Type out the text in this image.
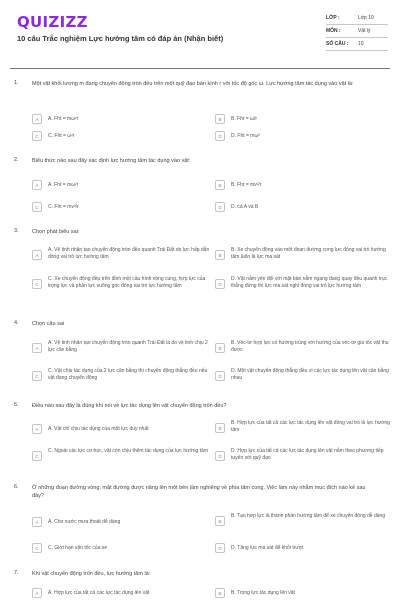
QUIZIZZ
10 câu Trắc nghiệm Lực hướng tâm có đáp án (Nhận biết)
LỚP :	Lớp 10
MÔN :	Vật lý
SỐ CÂU :	10
1. Một vật khối lượng m đang chuyển động tròn đều trên một quỹ đạo bán kính r với tốc độ góc ω. Lực hướng tâm tác dụng vào vật là:
A	A. Fht = mω²r	B	B. Fht = ω/r
C	C. Fht = ω²r	D	D. Fht = mω²
2. Biểu thức nào sau đây xác định lực hướng tâm tác dụng vào vật:
A	A. Fht = mω²r	B	B. Fht = mv²/r
C	C. Fht = mv²/r	D	D. cả A và B
3. Chọn phát biểu sai:
A
A. Vệ tinh nhân tạo chuyển động tròn đều quanh Trái Đất do lực hấp dẫn đóng vai trò lực hướng tâm	B
B. Xe chuyển động vào một đoạn đường cong lực đóng vai trò hướng tâm luôn là lực ma sát
C
C. Xe chuyển động đều trên đỉnh một cầu hình vòng cung, hợp lực của trọng lực và phản lực vuông góc đóng vai trò lực hướng tâm	D
D. Vật nằm yên đối với mặt bàn nằm ngang đang quay đều quanh trục thẳng đứng thì lực ma sát nghỉ đóng vai trò lực hướng tâm
4. Chọn câu sai
A
A. Vệ tinh nhân tạo chuyển động tròn quanh Trái Đất là do vệ tinh chịu 2 lực cân bằng	B
B. Véc-tơ hợp lực có hướng trùng với hướng của véc-tơ gia tốc vật thu được
C
C. Vật chịu tác dụng của 2 lực cân bằng thì chuyển động thẳng đều nếu vật đang chuyển động	D
D. Một vật chuyển động thẳng đều vì các lực tác dụng lên vật cân bằng nhau
5. Điều nào sau đây là đúng khi nói về lực tác dụng lên vật chuyển động tròn đều?
A	A. Vật chỉ chịu tác dụng của một lực duy nhất	B
B. Hợp lực của tất cả các lực tác dụng lên vật đóng vai trò là lực hướng tâm
C
C. Ngoài các lực cơ học, vật còn chịu thêm tác dụng của lực hướng tâm
D
D. Hợp lực của tất cả các lực tác dụng lên vật nằm theo phương tiếp tuyến với quỹ đạo
6. Ở những đoạn đường vòng, mặt đường được nâng lên một bên làm nghiêng về phía tâm cong. Việc làm này nhằm mục đích nào kể sau đây?
A	A. Cho nước mưa thoát dễ dàng	B
B. Tạo hợp lực là thành phần hướng tâm để xe chuyển động dễ dàng
C	C. Giới hạn vận tốc của xe	D	D. Tăng lực ma sát để khỏi trượt
7. Khi vật chuyển động tròn đều, lực hướng tâm là:
A	A. Hợp lực của tất cả các lực tác dụng lên vật	B	B. Trọng lực tác dụng lên vật
